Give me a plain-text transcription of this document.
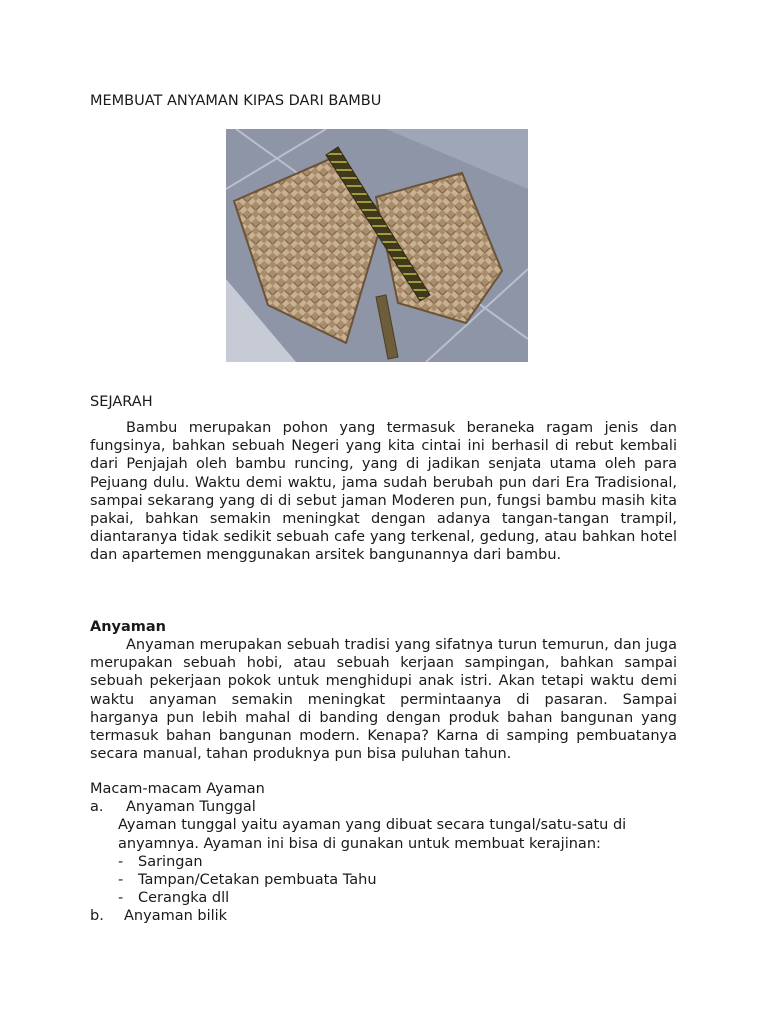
MEMBUAT ANYAMAN KIPAS DARI BAMBU
SEJARAH

Bambu merupakan pohon yang termasuk beraneka ragam jenis dan fungsinya, bahkan sebuah Negeri yang kita cintai ini berhasil di rebut kembali dari Penjajah oleh bambu runcing, yang di jadikan senjata utama oleh para Pejuang dulu. Waktu demi waktu, jama sudah berubah pun dari Era Tradisional, sampai sekarang yang di di sebut jaman Moderen pun, fungsi bambu masih kita pakai, bahkan semakin meningkat dengan adanya tangan-tangan trampil, diantaranya tidak sedikit sebuah cafe yang terkenal, gedung, atau bahkan hotel dan apartemen menggunakan arsitek bangunannya dari bambu.

Anyaman

Anyaman merupakan sebuah tradisi yang sifatnya turun temurun, dan juga merupakan sebuah hobi, atau sebuah kerjaan sampingan, bahkan sampai sebuah pekerjaan pokok untuk menghidupi anak istri. Akan tetapi waktu demi waktu anyaman semakin meningkat permintaanya di pasaran. Sampai harganya pun lebih mahal di banding dengan produk bahan bangunan yang termasuk bahan bangunan modern. Kenapa? Karna di samping pembuatanya secara manual, tahan produknya pun bisa puluhan tahun.

Macam-macam Ayaman

a.	Anyaman Tunggal

Ayaman tunggal yaitu ayaman yang dibuat secara tungal/satu-satu di anyamnya. Ayaman ini bisa di gunakan untuk membuat kerajinan:

-	Saringan
-	Tampan/Cetakan pembuata Tahu
-	Cerangka dll
b.	Anyaman bilik
